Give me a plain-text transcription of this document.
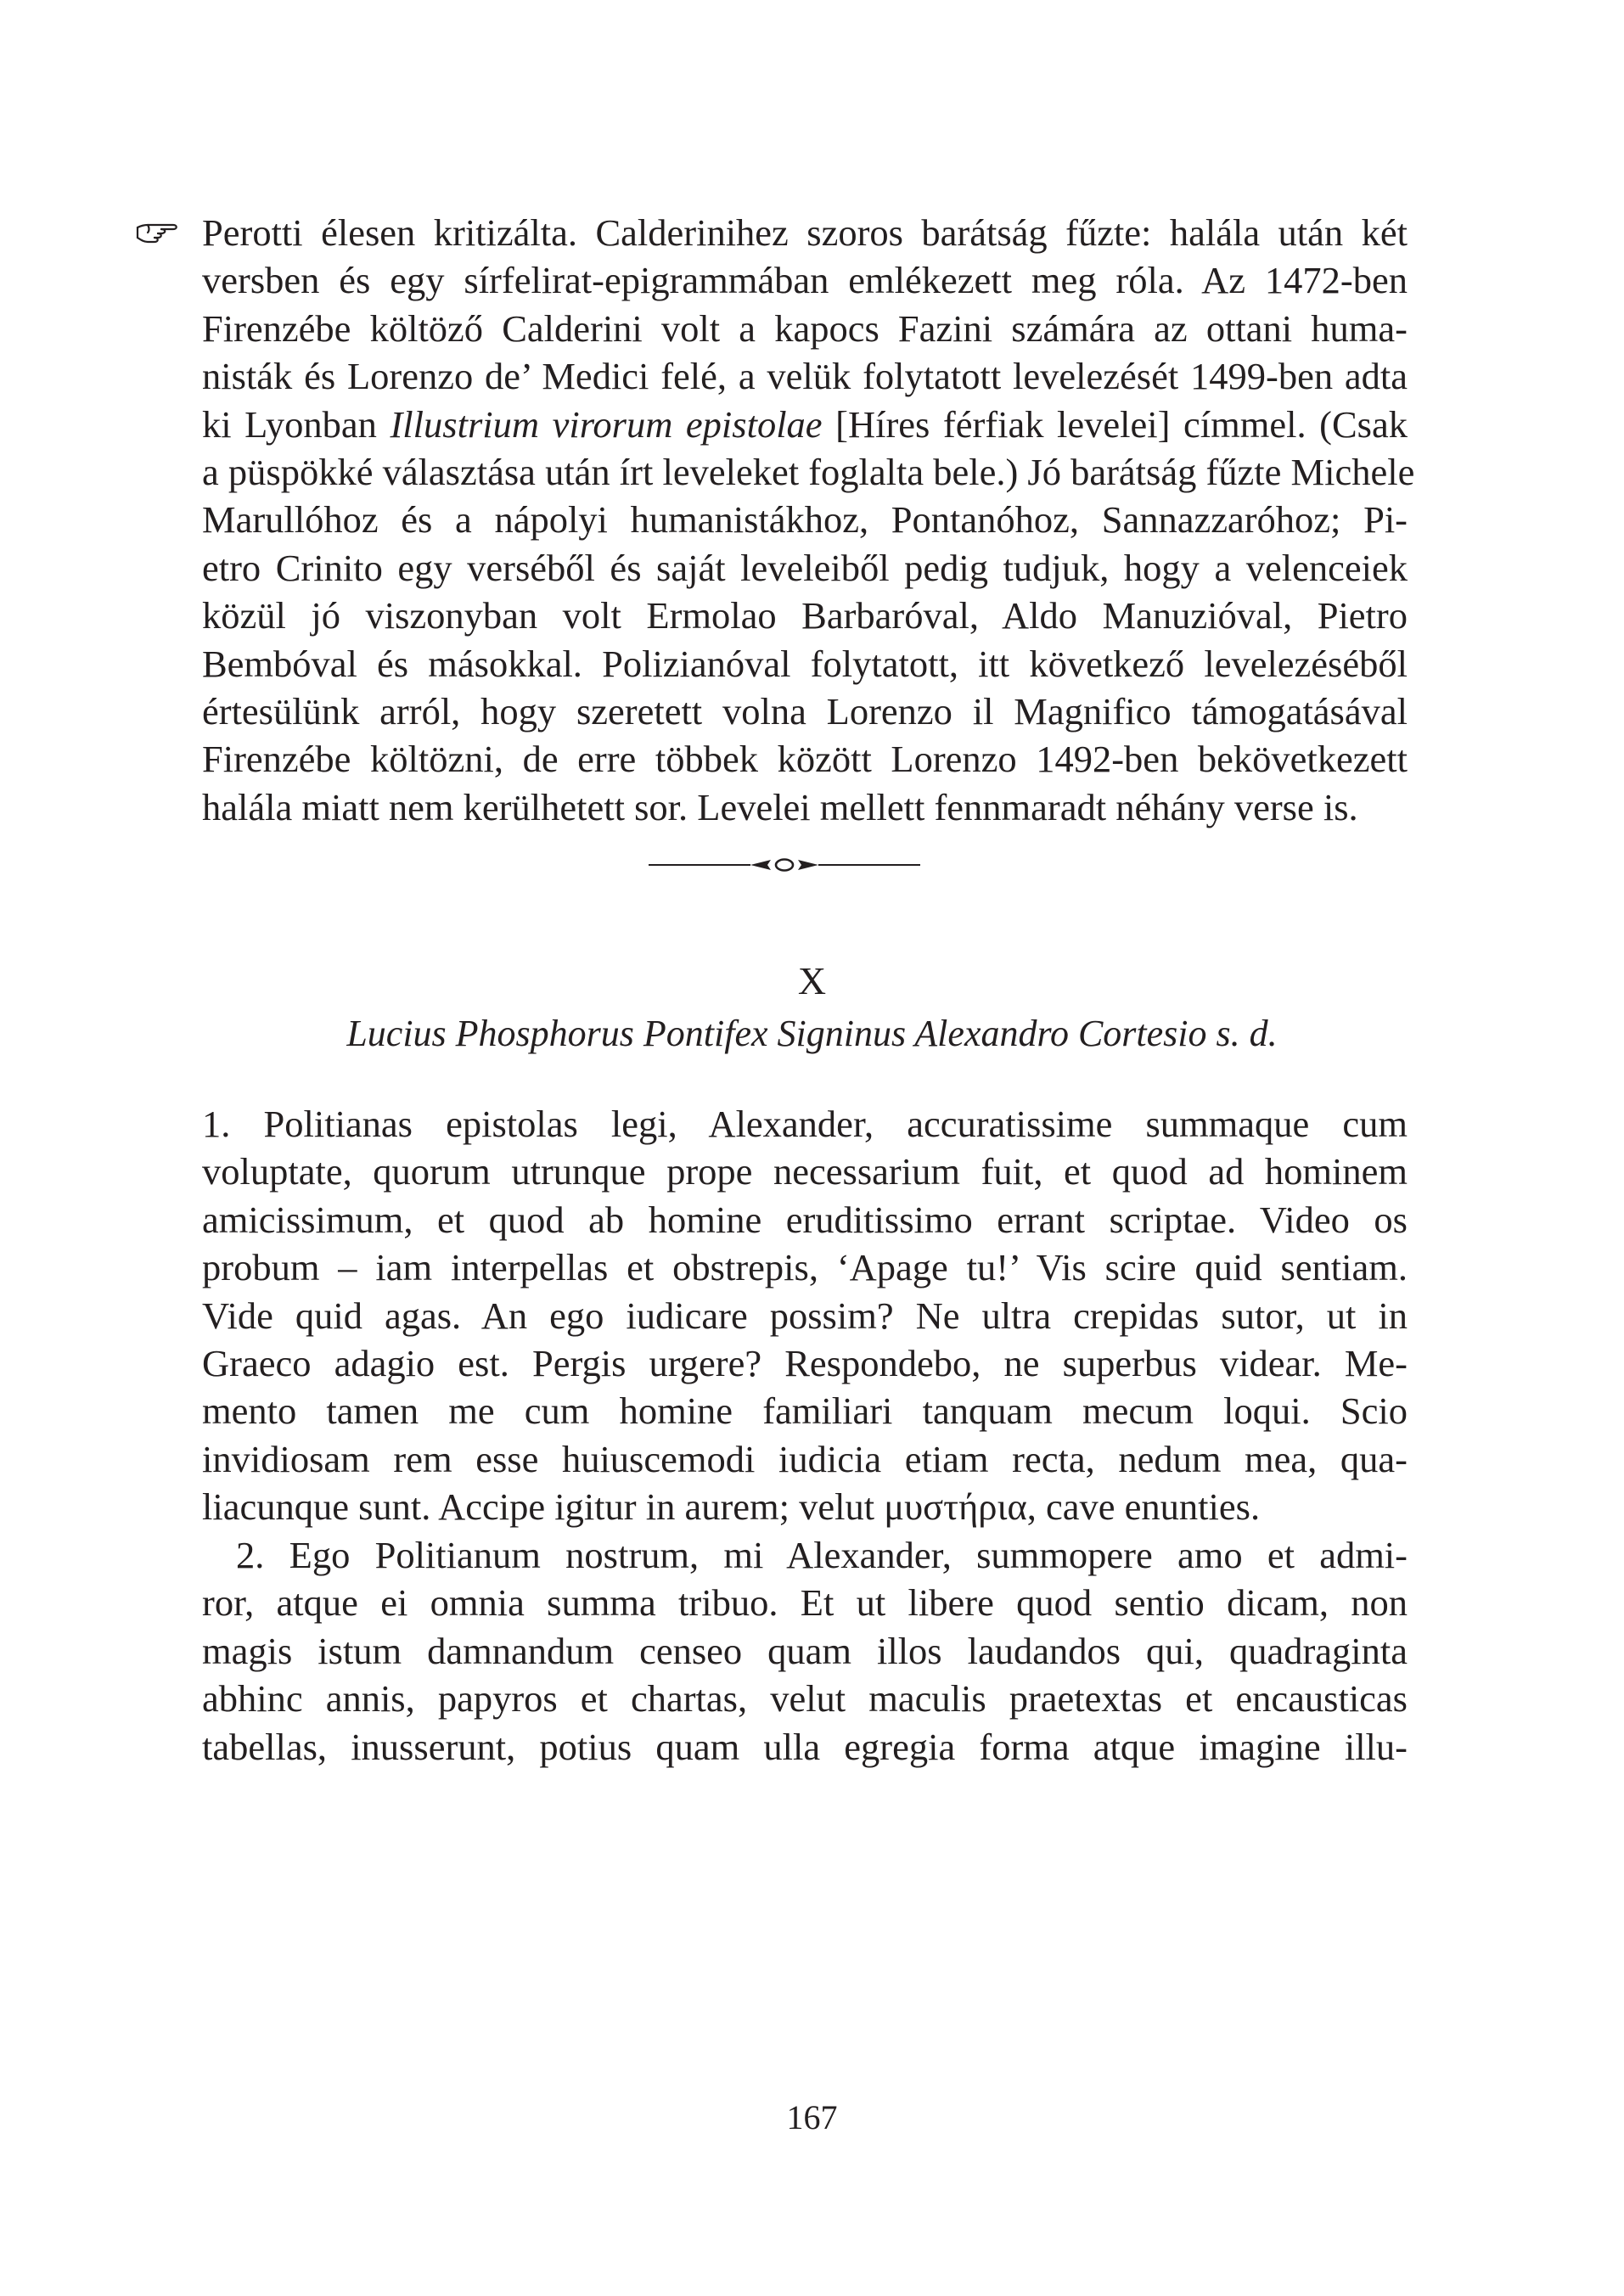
Perotti élesen kritizálta. Calderinihez szoros barátság fűzte: halála után két
versben és egy sírfelirat-epigrammában emlékezett meg róla. Az 1472-ben
Firenzébe költöző Calderini volt a kapocs Fazini számára az ottani huma-
nisták és Lorenzo de’ Medici felé, a velük folytatott levelezését 1499-ben adta
ki Lyonban Illustrium virorum epistolae [Híres férfiak levelei] címmel. (Csak
a püspökké választása után írt leveleket foglalta bele.) Jó barátság fűzte Michele
Marullóhoz és a nápolyi humanistákhoz, Pontanóhoz, Sannazzaróhoz; Pi-
etro Crinito egy verséből és saját leveleiből pedig tudjuk, hogy a velenceiek
közül jó viszonyban volt Ermolao Barbaróval, Aldo Manuzióval, Pietro
Bembóval és másokkal. Polizianóval folytatott, itt következő levelezéséből
értesülünk arról, hogy szeretett volna Lorenzo il Magnifico támogatásával
Firenzébe költözni, de erre többek között Lorenzo 1492-ben bekövetkezett
halála miatt nem kerülhetett sor. Levelei mellett fennmaradt néhány verse is.
X
Lucius Phosphorus Pontifex Signinus Alexandro Cortesio s. d.
1. Politianas epistolas legi, Alexander, accuratissime summaque cum
voluptate, quorum utrunque prope necessarium fuit, et quod ad hominem
amicissimum, et quod ab homine eruditissimo errant scriptae. Video os
probum – iam interpellas et obstrepis, ‘Apage tu!’ Vis scire quid sentiam.
Vide quid agas. An ego iudicare possim? Ne ultra crepidas sutor, ut in
Graeco adagio est. Pergis urgere? Respondebo, ne superbus videar. Me-
mento tamen me cum homine familiari tanquam mecum loqui. Scio
invidiosam rem esse huiuscemodi iudicia etiam recta, nedum mea, qua-
liacunque sunt. Accipe igitur in aurem; velut μυστήρια, cave enunties.
2. Ego Politianum nostrum, mi Alexander, summopere amo et admi-
ror, atque ei omnia summa tribuo. Et ut libere quod sentio dicam, non
magis istum damnandum censeo quam illos laudandos qui, quadraginta
abhinc annis, papyros et chartas, velut maculis praetextas et encausticas
tabellas, inusserunt, potius quam ulla egregia forma atque imagine illu-
167
